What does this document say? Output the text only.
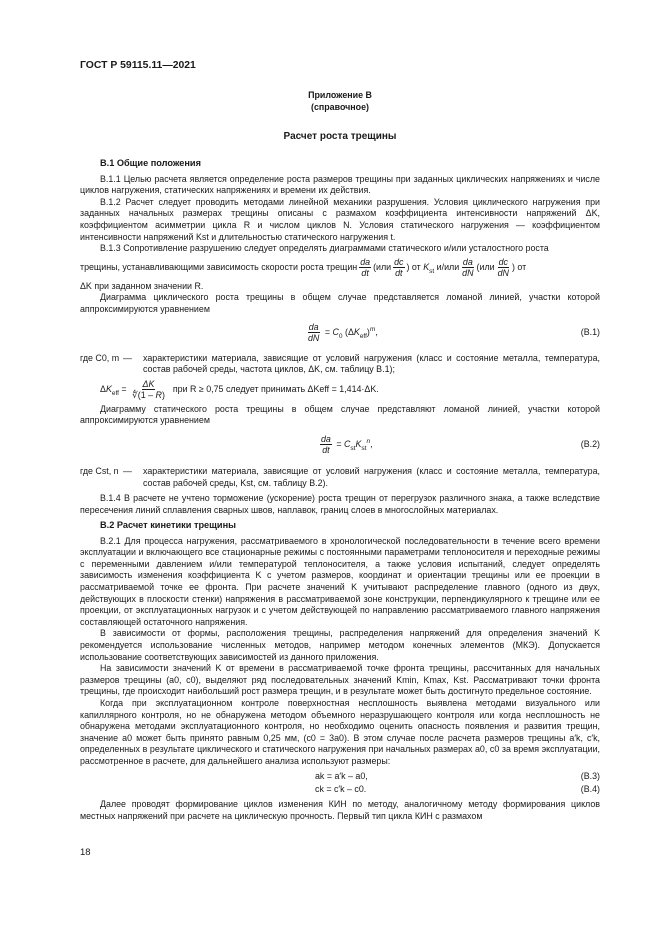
ГОСТ Р 59115.11—2021
Приложение В
(справочное)
Расчет роста трещины
В.1 Общие положения

В.1.1 Целью расчета является определение роста размеров трещины при заданных циклических напряжениях и числе циклов нагружения, статических напряжениях и времени их действия.

В.1.2 Расчет следует проводить методами линейной механики разрушения. Условия циклического нагружения при заданных начальных размерах трещины описаны с размахом коэффициента интенсивности напряжений ΔK, коэффициентом асимметрии цикла R и числом циклов N. Условия статического нагружения — коэффициентом интенсивности напряжений Kst и длительностью статического нагружения t.

В.1.3 Сопротивление разрушению следует определять диаграммами статического и/или усталостного роста

трещины, устанавливающими зависимость скорости роста трещин $\frac{da}{dt} (или \frac{dc}{dt}$ ) от $K_{st}$ $и/или \frac{da}{dN} (или \frac{dc}{dN}$ ) от

ΔK при заданном значении R.

Диаграмма циклического роста трещины в общем случае представляется ломаной линией, участки которой аппроксимируются уравнением

$\frac{da}{dN} = C_0$ $(\Delta K_{eff})^m$,	(В.1)
где C0, m —	характеристики материала, зависящие от условий нагружения (класс и состояние металла, температура, состав рабочей среды, частота циклов, ΔK, см. таблицу В.1);
$\Delta K_{eff} = \frac{\Delta K}{∜(1 - R)}$
при R ≥ 0,75 следует принимать ΔKeff = 1,414·ΔK.

Диаграмму статического роста трещины в общем случае представляют ломаной линией, участки которой аппроксимируются уравнением

$\frac{da}{dt} = C_{st}K_{st}^n$,	(В.2)
где Cst, n —	характеристики материала, зависящие от условий нагружения (класс и состояние металла, температура, состав рабочей среды, Kst, см. таблицу В.2).

В.1.4 В расчете не учтено торможение (ускорение) роста трещин от перегрузок различного знака, а также вследствие пересечения линий сплавления сварных швов, наплавок, границ слоев в многослойных материалах.

В.2 Расчет кинетики трещины

В.2.1 Для процесса нагружения, рассматриваемого в хронологической последовательности в течение всего времени эксплуатации и включающего все стационарные режимы с постоянными параметрами теплоносителя и переходные режимы с переменными давлением и/или температурой теплоносителя, а также условия испытаний, следует определять зависимость изменения коэффициента K с учетом размеров, координат и ориентации трещины или ее проекции в рассматриваемой точке ее фронта. При расчете значений K учитывают распределение главного (одного из двух, действующих в плоскости стенки) напряжения в рассматриваемой зоне конструкции, перпендикулярного к трещине или ее проекции, от эксплуатационных нагрузок и с учетом действующей по направлению рассматриваемого главного напряжения составляющей остаточного напряжения.

В зависимости от формы, расположения трещины, распределения напряжений для определения значений K рекомендуется использование численных методов, например методом конечных элементов (МКЭ). Допускается использование соответствующих зависимостей из данного приложения.

На зависимости значений K от времени в рассматриваемой точке фронта трещины, рассчитанных для начальных размеров трещины (a0, c0), выделяют ряд последовательных значений Kmin, Kmax, Kst. Рассматривают точки фронта трещины, где происходит наибольший рост размера трещин, и в результате может быть достигнуто предельное состояние.

Когда при эксплуатационном контроле поверхностная несплошность выявлена методами визуального или капиллярного контроля, но не обнаружена методом объемного неразрушающего контроля или когда несплошность не обнаружена методами эксплуатационного контроля, но необходимо оценить опасность появления и развития трещин, значение a0 может быть принято равным 0,25 мм, (c0 = 3a0). В этом случае после расчета размеров трещины a′k, c′k, определенных в результате циклического и статического нагружения при начальных размерах a0, c0 за время эксплуатации, рассмотренное в расчете, для дальнейшего анализа используют размеры:

ak = a′k – a0,	(В.3)
ck = c′k – c0.	(В.4)

Далее проводят формирование циклов изменения КИН по методу, аналогичному методу формирования циклов местных напряжений при расчете на циклическую прочность. Первый тип цикла КИН с размахом

18
